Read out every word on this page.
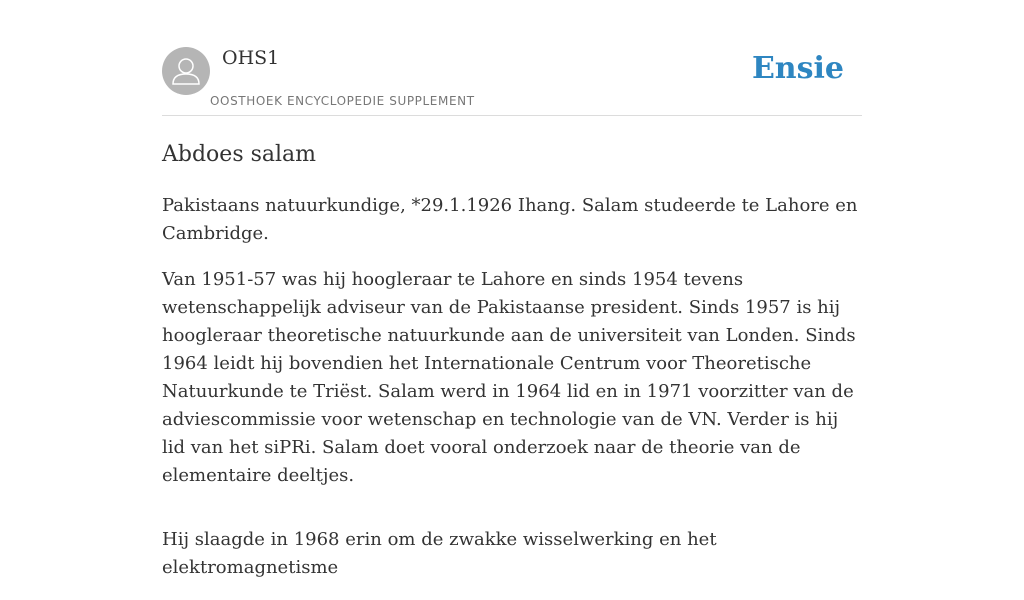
OHS1
OOSTHOEK ENCYCLOPEDIE SUPPLEMENT
Ensie
Abdoes salam

Pakistaans natuurkundige, *29.1.1926 Ihang. Salam studeerde te Lahore en Cambridge.

Van 1951-57 was hij hoogleraar te Lahore en sinds 1954 tevens wetenschappelijk adviseur van de Pakistaanse president. Sinds 1957 is hij hoogleraar theoretische natuurkunde aan de universiteit van Londen. Sinds 1964 leidt hij bovendien het Internationale Centrum voor Theoretische Natuurkunde te Triëst. Salam werd in 1964 lid en in 1971 voorzitter van de adviescommissie voor wetenschap en technologie van de VN. Verder is hij lid van het siPRi. Salam doet vooral onderzoek naar de theorie van de elementaire deeltjes.

Hij slaagde in 1968 erin om de zwakke wisselwerking en het elektromagnetisme
